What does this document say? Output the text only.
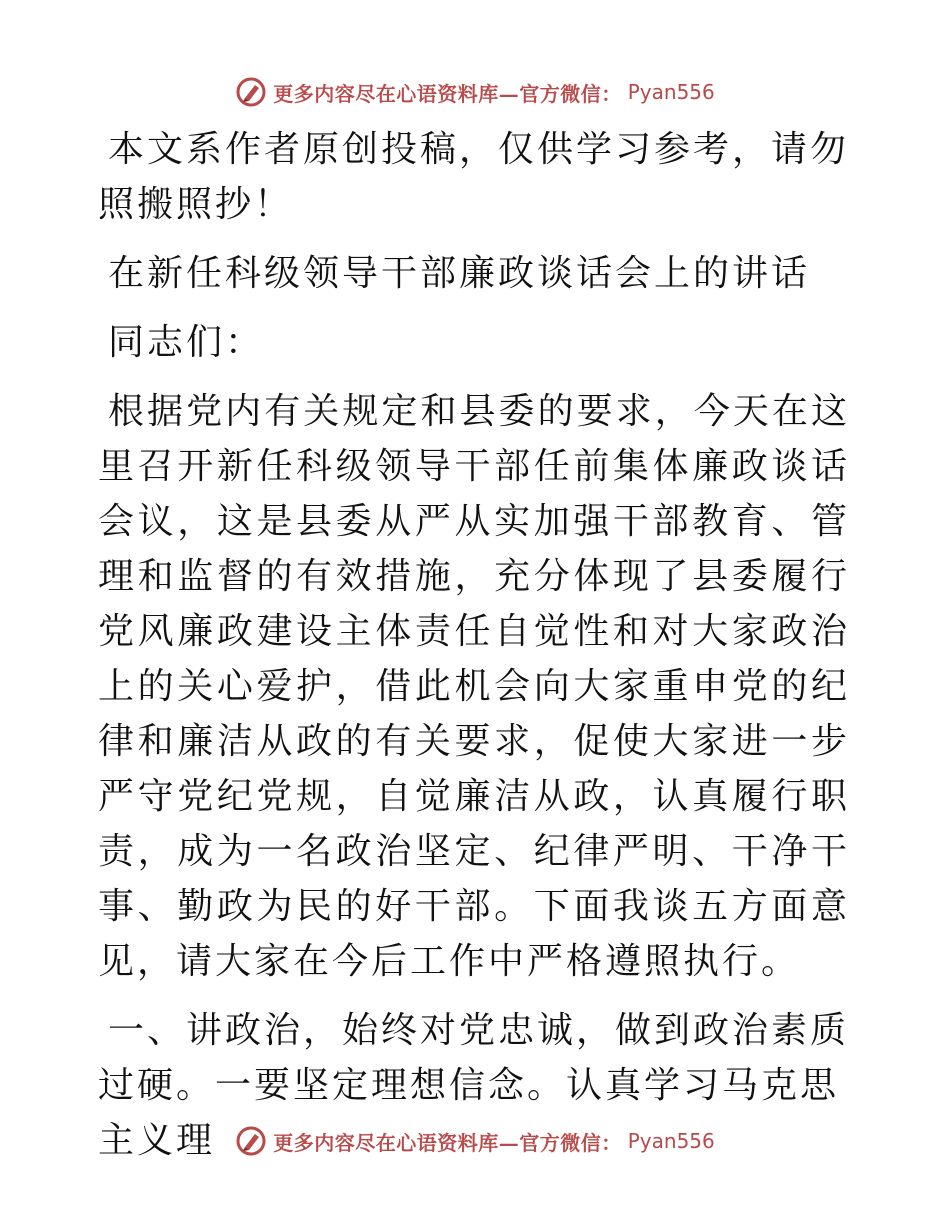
更多内容尽在心语资料库—官方微信： Pyan556

本文系作者原创投稿，仅供学习参考，请勿照搬照抄！

在新任科级领导干部廉政谈话会上的讲话

同志们：

根据党内有关规定和县委的要求，今天在这里召开新任科级领导干部任前集体廉政谈话会议，这是县委从严从实加强干部教育、管理和监督的有效措施，充分体现了县委履行党风廉政建设主体责任自觉性和对大家政治上的关心爱护，借此机会向大家重申党的纪律和廉洁从政的有关要求，促使大家进一步严守党纪党规，自觉廉洁从政，认真履行职责，成为一名政治坚定、纪律严明、干净干事、勤政为民的好干部。下面我谈五方面意见，请大家在今后工作中严格遵照执行。

一、讲政治，始终对党忠诚，做到政治素质过硬。一要坚定理想信念。认真学习马克思主义理	更多内容尽在心语资料库—官方微信： Pyan556
